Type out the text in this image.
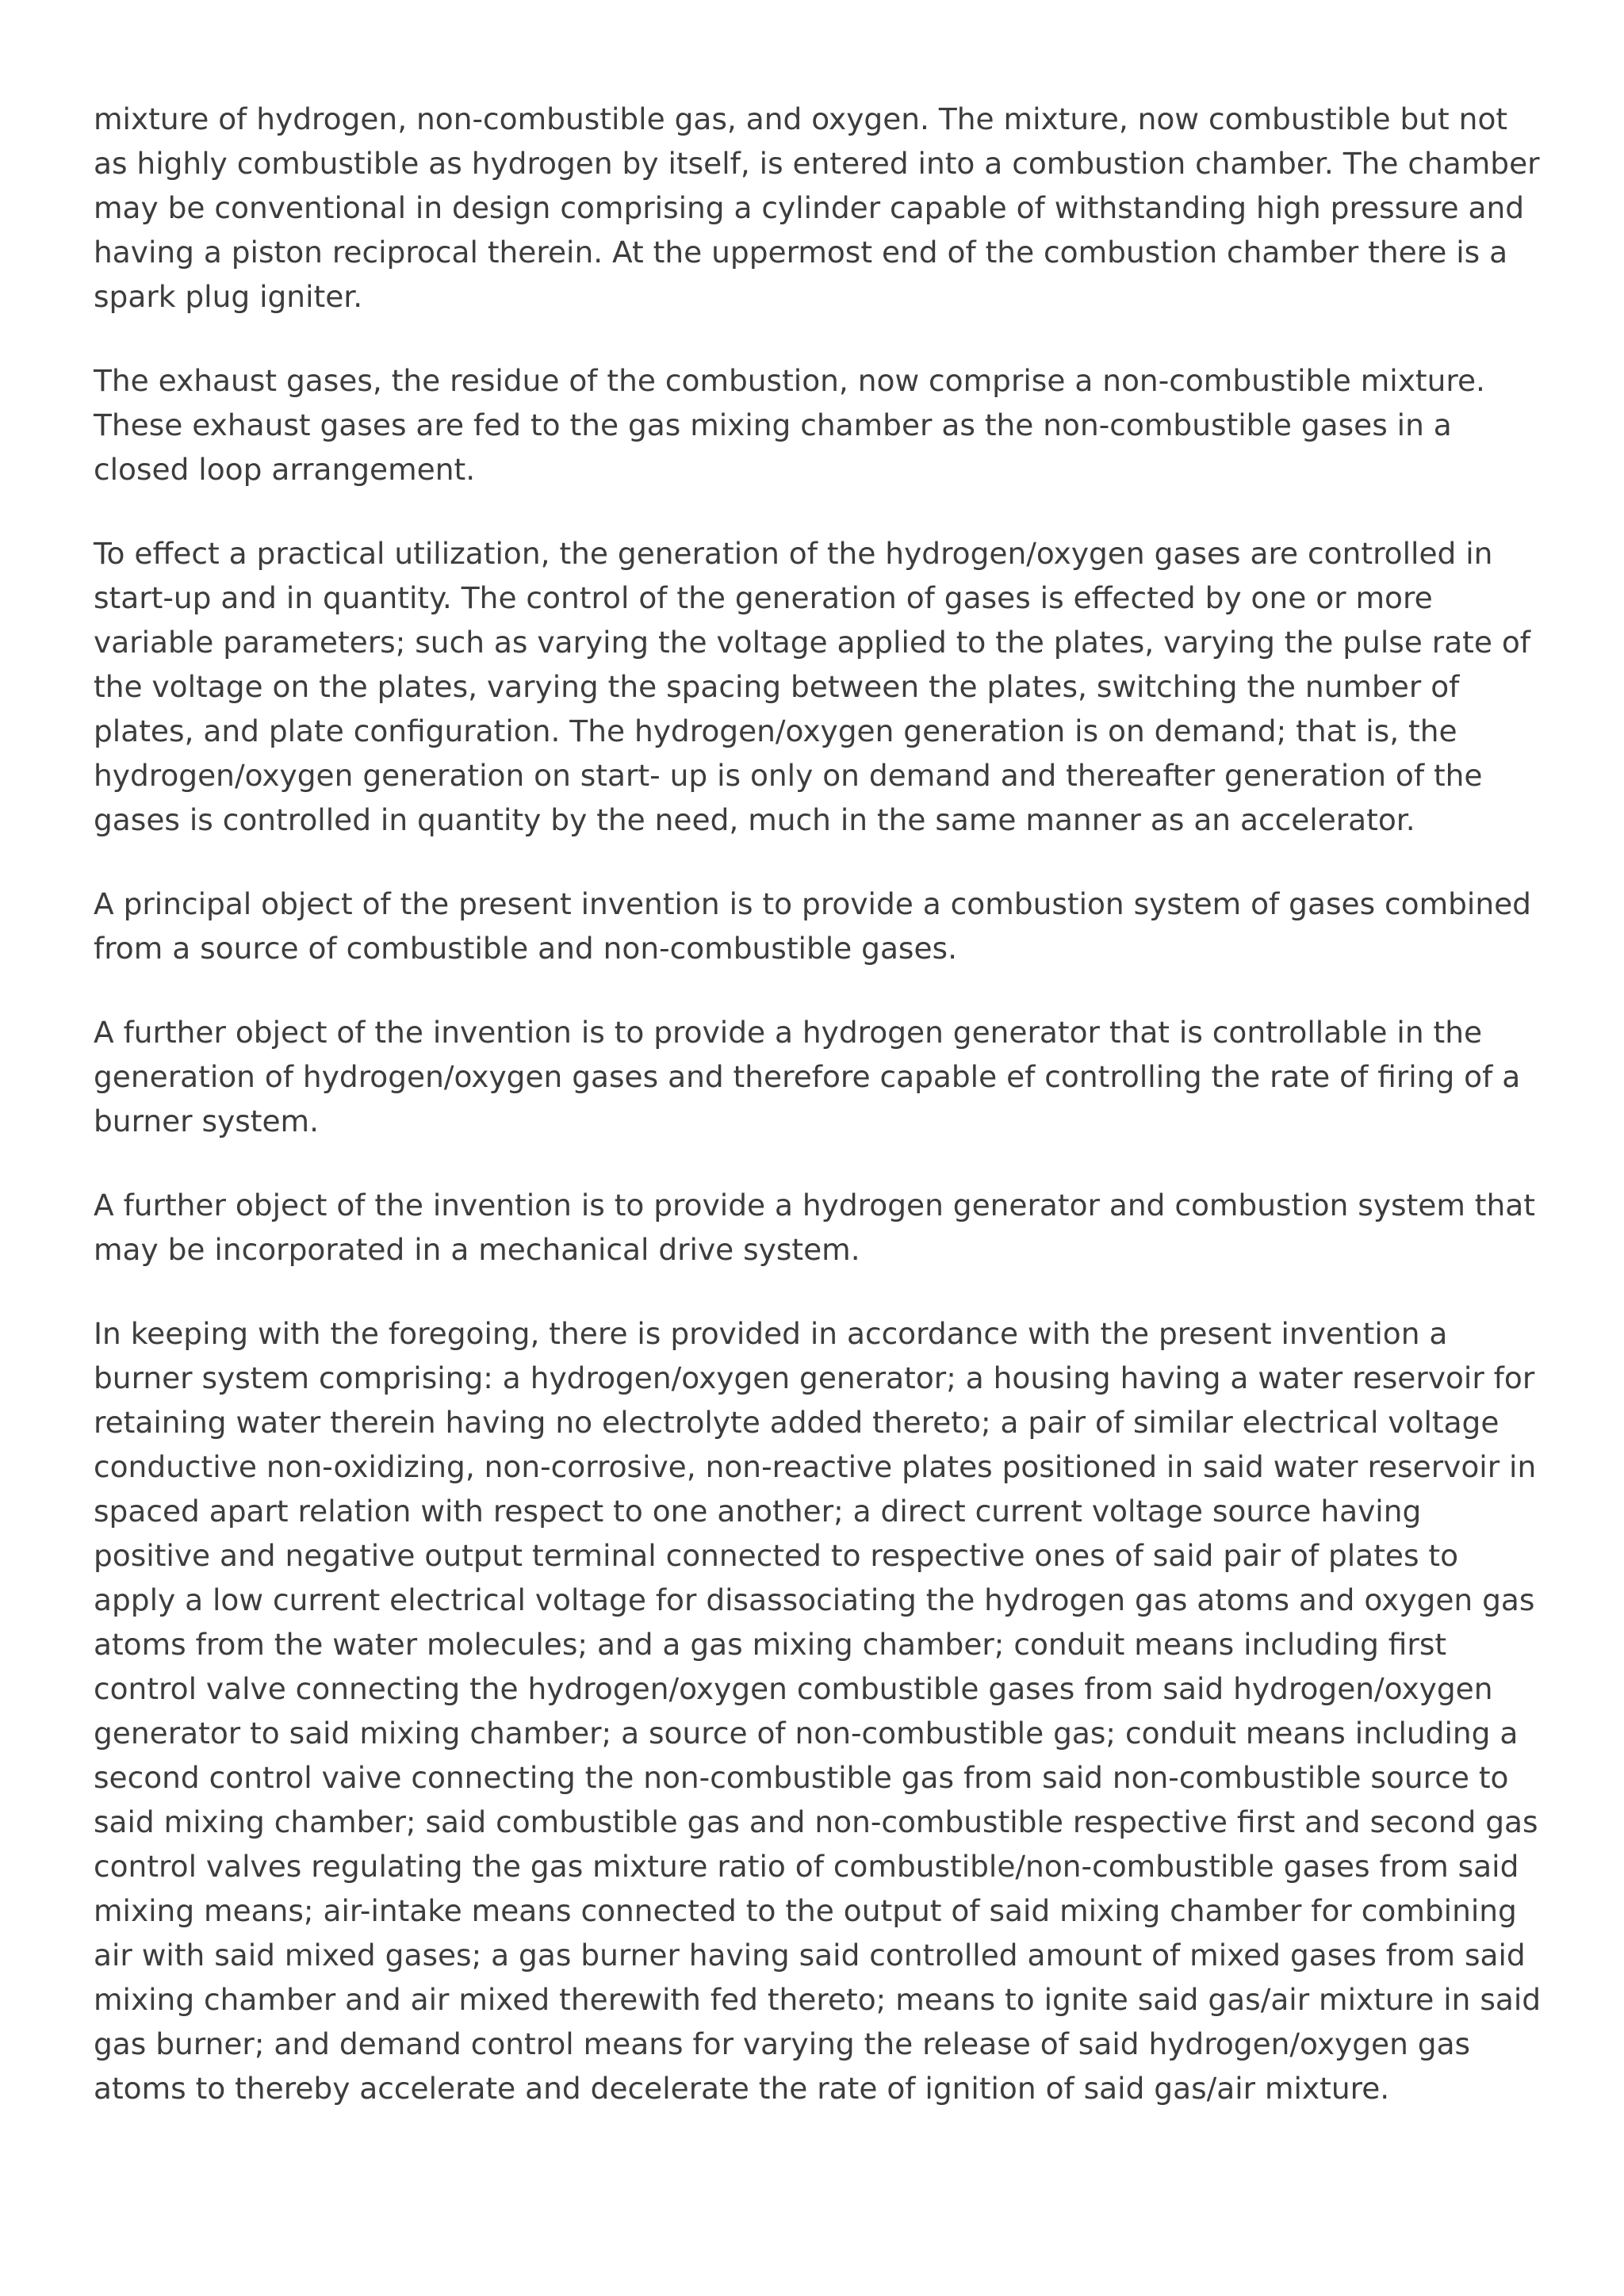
mixture of hydrogen, non-combustible gas, and oxygen. The mixture, now combustible but not as highly combustible as hydrogen by itself, is entered into a combustion chamber. The chamber may be conventional in design comprising a cylinder capable of withstanding high pressure and having a piston reciprocal therein. At the uppermost end of the combustion chamber there is a spark plug igniter.

The exhaust gases, the residue of the combustion, now comprise a non-combustible mixture. These exhaust gases are fed to the gas mixing chamber as the non-combustible gases in a closed loop arrangement.

To effect a practical utilization, the generation of the hydrogen/oxygen gases are controlled in start-up and in quantity. The control of the generation of gases is effected by one or more variable parameters; such as varying the voltage applied to the plates, varying the pulse rate of the voltage on the plates, varying the spacing between the plates, switching the number of plates, and plate configuration. The hydrogen/oxygen generation is on demand; that is, the hydrogen/oxygen generation on start- up is only on demand and thereafter generation of the gases is controlled in quantity by the need, much in the same manner as an accelerator.

A principal object of the present invention is to provide a combustion system of gases combined from a source of combustible and non-combustible gases.

A further object of the invention is to provide a hydrogen generator that is controllable in the generation of hydrogen/oxygen gases and therefore capable ef controlling the rate of firing of a burner system.

A further object of the invention is to provide a hydrogen generator and combustion system that may be incorporated in a mechanical drive system.

In keeping with the foregoing, there is provided in accordance with the present invention a burner system comprising: a hydrogen/oxygen generator; a housing having a water reservoir for retaining water therein having no electrolyte added thereto; a pair of similar electrical voltage conductive non-oxidizing, non-corrosive, non-reactive plates positioned in said water reservoir in spaced apart relation with respect to one another; a direct current voltage source having positive and negative output terminal connected to respective ones of said pair of plates to apply a low current electrical voltage for disassociating the hydrogen gas atoms and oxygen gas atoms from the water molecules; and a gas mixing chamber; conduit means including first control valve connecting the hydrogen/oxygen combustible gases from said hydrogen/oxygen generator to said mixing chamber; a source of non-combustible gas; conduit means including a second control vaive connecting the non-combustible gas from said non-combustible source to said mixing chamber; said combustible gas and non-combustible respective first and second gas control valves regulating the gas mixture ratio of combustible/non-combustible gases from said mixing means; air-intake means connected to the output of said mixing chamber for combining air with said mixed gases; a gas burner having said controlled amount of mixed gases from said mixing chamber and air mixed therewith fed thereto; means to ignite said gas/air mixture in said gas burner; and demand control means for varying the release of said hydrogen/oxygen gas atoms to thereby accelerate and decelerate the rate of ignition of said gas/air mixture.
